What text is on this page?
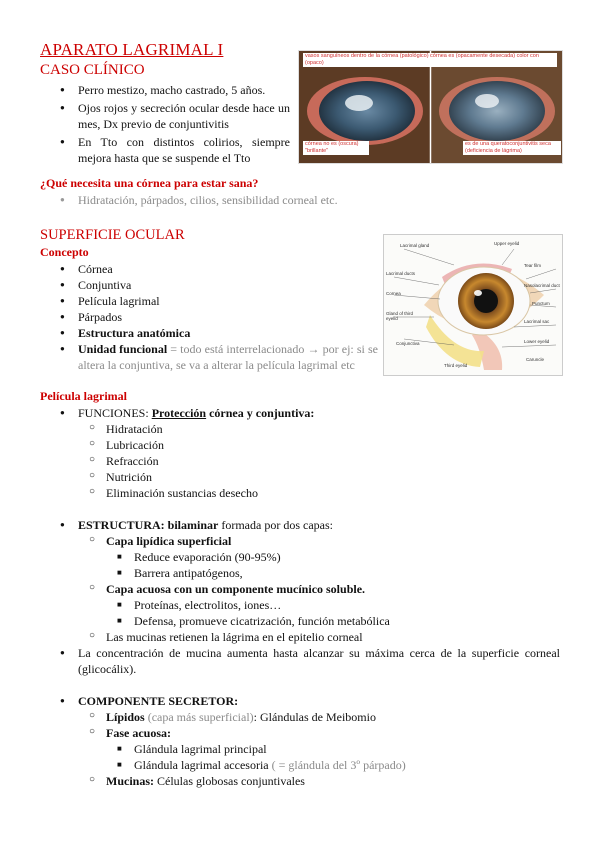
APARATO LAGRIMAL I
CASO CLÍNICO
● Perro mestizo, macho castrado, 5 años.
● Ojos rojos y secreción ocular desde hace un mes, Dx previo de conjuntivitis
● En Tto con distintos colirios, siempre mejora hasta que se suspende el Tto
vasos sanguíneos dentro de la córnea (patológico) córnea es (opacamente desecada) color con (opaco)
córnea no es (oscura) "brillante"
es de una queratoconjuntivitis seca (deficiencia de lágrima)
¿Qué necesita una córnea para estar sana?
● Hidratación, párpados, cilios, sensibilidad corneal etc.
SUPERFICIE OCULAR
Concepto
● Córnea
● Conjuntiva
● Película lagrimal
● Párpados
● Estructura anatómica
● Unidad funcional = todo está interrelacionado → por ej: si se altera la conjuntiva, se va a alterar la película lagrimal etc
Lacrimal gland
Lacrimal ducts
Cornea
Gland of third eyelid
Conjunctiva
Upper eyelid
Tear film
Nasolacrimal duct
Punctum
Lacrimal sac
Lower eyelid
Caruncle
Third eyelid
Película lagrimal
● FUNCIONES: Protección córnea y conjuntiva:
○ Hidratación
○ Lubricación
○ Refracción
○ Nutrición
○ Eliminación sustancias desecho
● ESTRUCTURA: bilaminar formada por dos capas:
○ Capa lipídica superficial
■ Reduce evaporación (90-95%)
■ Barrera antipatógenos,
○ Capa acuosa con un componente mucínico soluble.
■ Proteínas, electrolitos, iones…
■ Defensa, promueve cicatrización, función metabólica
○ Las mucinas retienen la lágrima en el epitelio corneal
● La concentración de mucina aumenta hasta alcanzar su máxima cerca de la superficie corneal (glicocálix).
● COMPONENTE SECRETOR:
○ Lípidos (capa más superficial): Glándulas de Meibomio
○ Fase acuosa:
■ Glándula lagrimal principal
■ Glándula lagrimal accesoria ( = glándula del 3º párpado)
○ Mucinas: Células globosas conjuntivales
